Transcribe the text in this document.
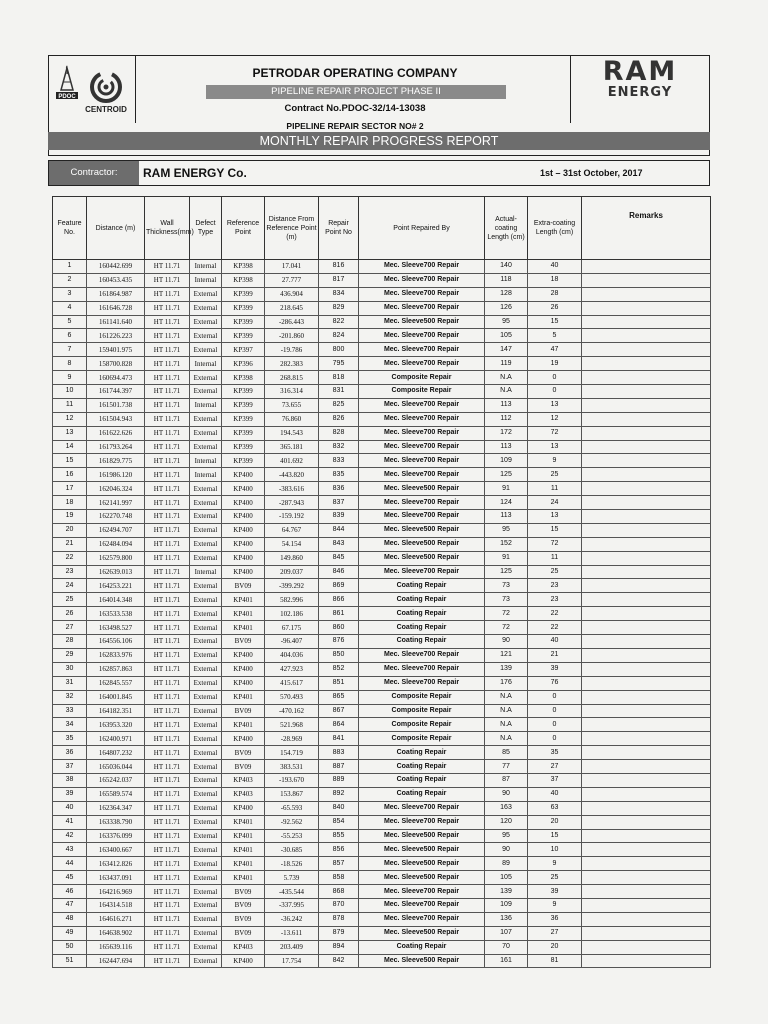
PDOC
CENTROID
RAM
ENERGY
PETRODAR OPERATING COMPANY
PIPELINE REPAIR PROJECT PHASE II
Contract No.PDOC-32/14-13038
PIPELINE REPAIR SECTOR NO# 2
MONTHLY REPAIR PROGRESS REPORT
Contractor:	RAM ENERGY Co.	1st – 31st October, 2017
Feature No.	Distance (m)	Wall Thickness(mm)	Defect Type	Reference Point	Distance From Reference Point (m)	Repair Point No	Point Repaired By	Actual-coating Length (cm)	Extra-coating Length (cm)	Remarks
1	160442.699	HT 11.71	Internal	KP398	17.041	816	Mec. Sleeve700 Repair	140	40	
2	160453.435	HT 11.71	Internal	KP398	27.777	817	Mec. Sleeve700 Repair	118	18	
3	161864.987	HT 11.71	External	KP399	436.904	834	Mec. Sleeve700 Repair	128	28	
4	161646.728	HT 11.71	External	KP399	218.645	829	Mec. Sleeve700 Repair	126	26	
5	161141.640	HT 11.71	External	KP399	-286.443	822	Mec. Sleeve500 Repair	95	15	
6	161226.223	HT 11.71	External	KP399	-201.860	824	Mec. Sleeve700 Repair	105	5	
7	159401.975	HT 11.71	External	KP397	-19.786	800	Mec. Sleeve700 Repair	147	47	
8	158700.828	HT 11.71	Internal	KP396	282.383	795	Mec. Sleeve700 Repair	119	19	
9	160694.473	HT 11.71	External	KP398	268.815	818	Composite Repair	N.A	0	
10	161744.397	HT 11.71	External	KP399	316.314	831	Composite Repair	N.A	0	
11	161501.738	HT 11.71	Internal	KP399	73.655	825	Mec. Sleeve700 Repair	113	13	
12	161504.943	HT 11.71	External	KP399	76.860	826	Mec. Sleeve700 Repair	112	12	
13	161622.626	HT 11.71	External	KP399	194.543	828	Mec. Sleeve700 Repair	172	72	
14	161793.264	HT 11.71	External	KP399	365.181	832	Mec. Sleeve700 Repair	113	13	
15	161829.775	HT 11.71	Internal	KP399	401.692	833	Mec. Sleeve700 Repair	109	9	
16	161986.120	HT 11.71	Internal	KP400	-443.820	835	Mec. Sleeve700 Repair	125	25	
17	162046.324	HT 11.71	External	KP400	-383.616	836	Mec. Sleeve500 Repair	91	11	
18	162141.997	HT 11.71	External	KP400	-287.943	837	Mec. Sleeve700 Repair	124	24	
19	162270.748	HT 11.71	External	KP400	-159.192	839	Mec. Sleeve700 Repair	113	13	
20	162494.707	HT 11.71	External	KP400	64.767	844	Mec. Sleeve500 Repair	95	15	
21	162484.094	HT 11.71	External	KP400	54.154	843	Mec. Sleeve500 Repair	152	72	
22	162579.800	HT 11.71	External	KP400	149.860	845	Mec. Sleeve500 Repair	91	11	
23	162639.013	HT 11.71	Internal	KP400	209.037	846	Mec. Sleeve700 Repair	125	25	
24	164253.221	HT 11.71	External	BV09	-399.292	869	Coating Repair	73	23	
25	164014.348	HT 11.71	External	KP401	582.996	866	Coating Repair	73	23	
26	163533.538	HT 11.71	External	KP401	102.186	861	Coating Repair	72	22	
27	163498.527	HT 11.71	External	KP401	67.175	860	Coating Repair	72	22	
28	164556.106	HT 11.71	External	BV09	-96.407	876	Coating Repair	90	40	
29	162833.976	HT 11.71	External	KP400	404.036	850	Mec. Sleeve700 Repair	121	21	
30	162857.863	HT 11.71	External	KP400	427.923	852	Mec. Sleeve700 Repair	139	39	
31	162845.557	HT 11.71	External	KP400	415.617	851	Mec. Sleeve700 Repair	176	76	
32	164001.845	HT 11.71	External	KP401	570.493	865	Composite Repair	N.A	0	
33	164182.351	HT 11.71	External	BV09	-470.162	867	Composite Repair	N.A	0	
34	163953.320	HT 11.71	External	KP401	521.968	864	Composite Repair	N.A	0	
35	162400.971	HT 11.71	External	KP400	-28.969	841	Composite Repair	N.A	0	
36	164807.232	HT 11.71	External	BV09	154.719	883	Coating Repair	85	35	
37	165036.044	HT 11.71	External	BV09	383.531	887	Coating Repair	77	27	
38	165242.037	HT 11.71	External	KP403	-193.670	889	Coating Repair	87	37	
39	165589.574	HT 11.71	External	KP403	153.867	892	Coating Repair	90	40	
40	162364.347	HT 11.71	External	KP400	-65.593	840	Mec. Sleeve700 Repair	163	63	
41	163338.790	HT 11.71	External	KP401	-92.562	854	Mec. Sleeve700 Repair	120	20	
42	163376.099	HT 11.71	External	KP401	-55.253	855	Mec. Sleeve500 Repair	95	15	
43	163400.667	HT 11.71	External	KP401	-30.685	856	Mec. Sleeve500 Repair	90	10	
44	163412.826	HT 11.71	External	KP401	-18.526	857	Mec. Sleeve500 Repair	89	9	
45	163437.091	HT 11.71	External	KP401	5.739	858	Mec. Sleeve500 Repair	105	25	
46	164216.969	HT 11.71	External	BV09	-435.544	868	Mec. Sleeve700 Repair	139	39	
47	164314.518	HT 11.71	External	BV09	-337.995	870	Mec. Sleeve700 Repair	109	9	
48	164616.271	HT 11.71	External	BV09	-36.242	878	Mec. Sleeve700 Repair	136	36	
49	164638.902	HT 11.71	External	BV09	-13.611	879	Mec. Sleeve500 Repair	107	27	
50	165639.116	HT 11.71	External	KP403	203.409	894	Coating Repair	70	20	
51	162447.694	HT 11.71	External	KP400	17.754	842	Mec. Sleeve500 Repair	161	81	
